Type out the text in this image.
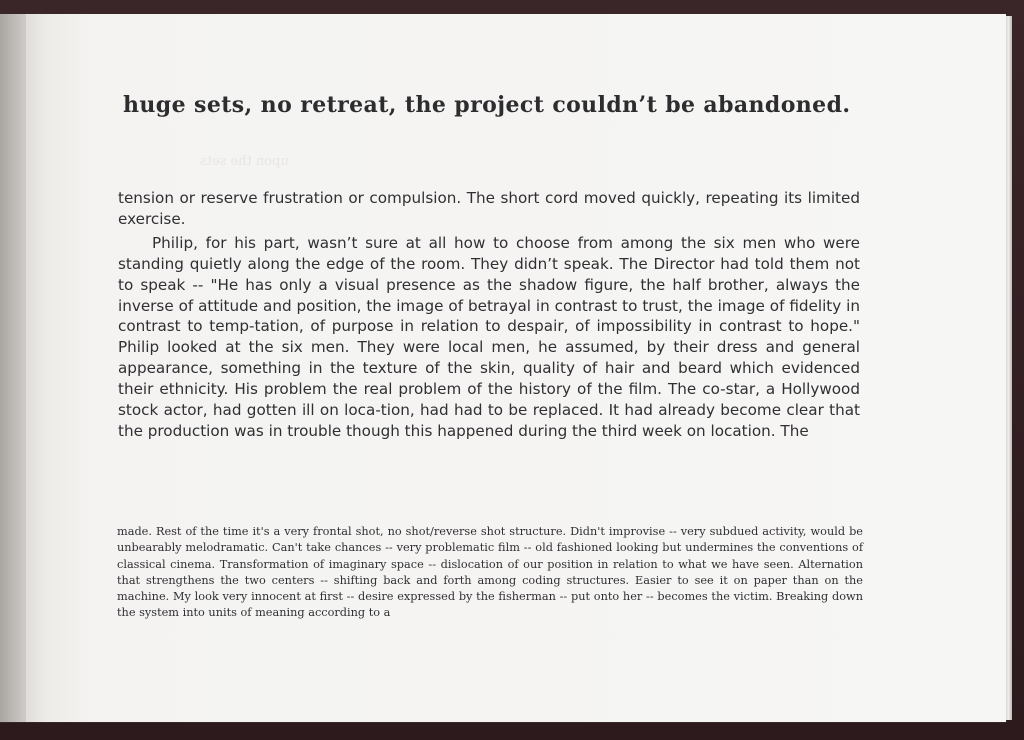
upon the sets
huge sets, no retreat, the project couldn’t be abandoned.

tension or reserve frustration or compulsion. The short cord moved quickly, repeating its limited exercise.

Philip, for his part, wasn’t sure at all how to choose from among the six men who were standing quietly along the edge of the room. They didn’t speak. The Director had told them not to speak -- "He has only a visual presence as the shadow figure, the half brother, always the inverse of attitude and position, the image of betrayal in contrast to trust, the image of fidelity in contrast to temp-tation, of purpose in relation to despair, of impossibility in contrast to hope." Philip looked at the six men. They were local men, he assumed, by their dress and general appearance, something in the texture of the skin, quality of hair and beard which evidenced their ethnicity. His problem the real problem of the history of the film. The co-star, a Hollywood stock actor, had gotten ill on loca-tion, had had to be replaced. It had already become clear that the production was in trouble though this happened during the third week on location. The

made. Rest of the time it's a very frontal shot, no shot/reverse shot structure. Didn't improvise -- very subdued activity, would be unbearably melodramatic. Can't take chances -- very problematic film -- old fashioned looking but undermines the conventions of classical cinema. Transformation of imaginary space -- dislocation of our position in relation to what we have seen. Alternation that strengthens the two centers -- shifting back and forth among coding structures. Easier to see it on paper than on the machine. My look very innocent at first -- desire expressed by the fisherman -- put onto her -- becomes the victim. Breaking down the system into units of meaning according to a
